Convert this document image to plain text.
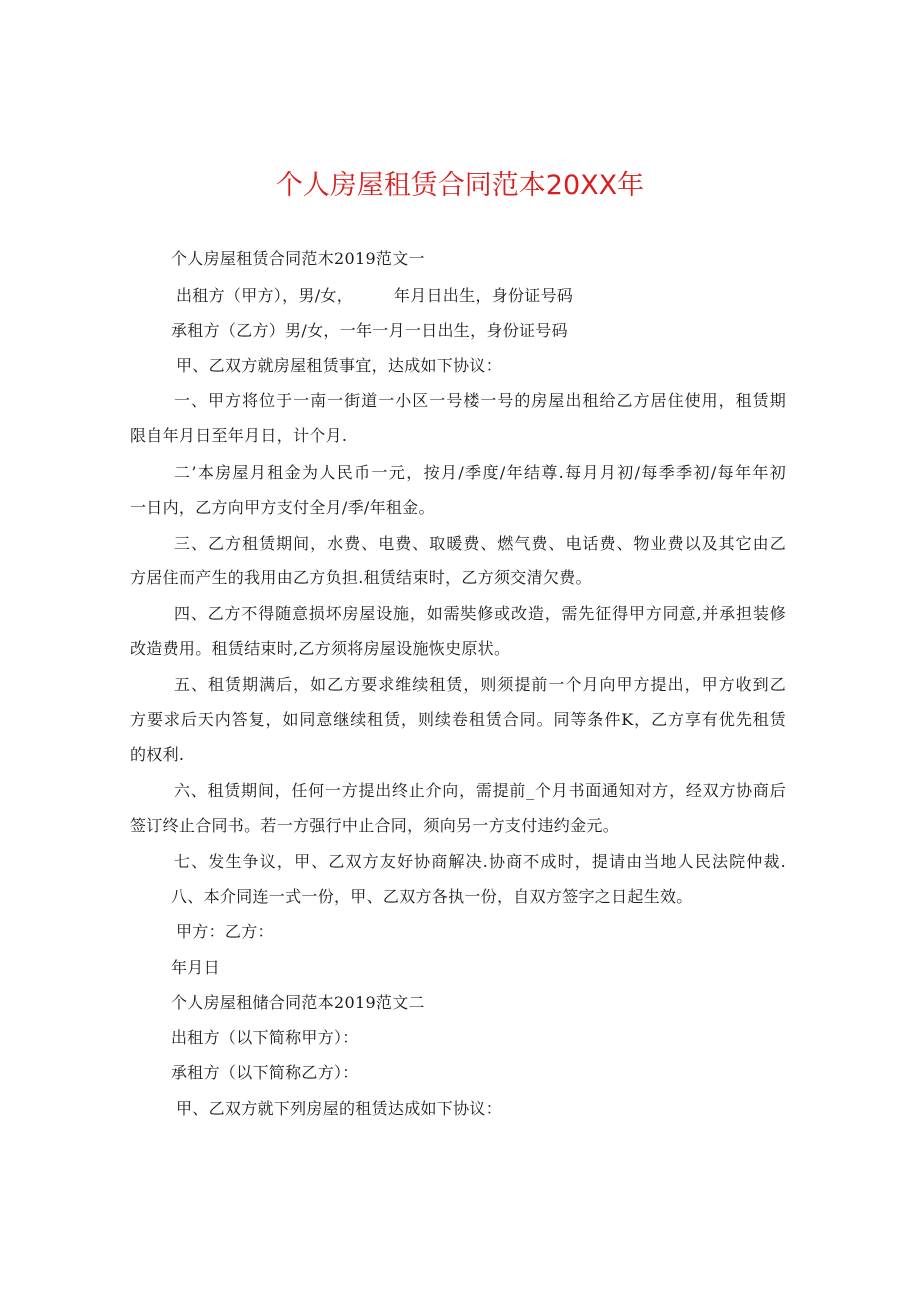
个人房屋租赁合同范本20XX年
个人房屋租赁合同范木2019范文一
出租方（甲方），男/女，　　　年月日出生，身份证号码
承租方（乙方）男/女，一年一月一日出生，身份证号码
甲、乙双方就房屋租赁事宜，达成如下协议：
一、甲方将位于一南一街道一小区一号楼一号的房屋出租给乙方居住使用，租赁期
限自年月日至年月日，计个月.
二’本房屋月租金为人民币一元，按月/季度/年结尊.每月月初/每季季初/每年年初
一日内，乙方向甲方支付全月/季/年租金。
三、乙方租赁期间，水费、电费、取暖费、燃气费、电话费、物业费以及其它由乙
方居住而产生的我用由乙方负担.租赁结束时，乙方须交清欠费。
四、乙方不得随意损坏房屋设施，如需奘修或改造，需先征得甲方同意,并承担装修
改造费用。租赁结束时,乙方须将房屋设施恢史原状。
五、租赁期满后，如乙方要求维续租赁，则须提前一个月向甲方提出，甲方收到乙
方要求后天内答复，如同意继续租赁，则续卷租赁合同。同等条件K，乙方享有优先租赁
的权利.
六、租赁期间，任何一方提出终止介向，需提前_个月书面通知对方，经双方协商后
签订终止合同书。若一方强行中止合同，须向另一方支付违约金元。
七、发生争议，甲、乙双方友好协商解决.协商不成时，提请由当地人民法院仲裁.
八、本介同连一式一份，甲、乙双方各执一份，自双方签字之日起生效。
甲方：乙方：
年月日
个人房屋租储合同范本2019范文二
出租方（以下简称甲方）：
承租方（以下简称乙方）：
甲、乙双方就下列房屋的租赁达成如下协议：
